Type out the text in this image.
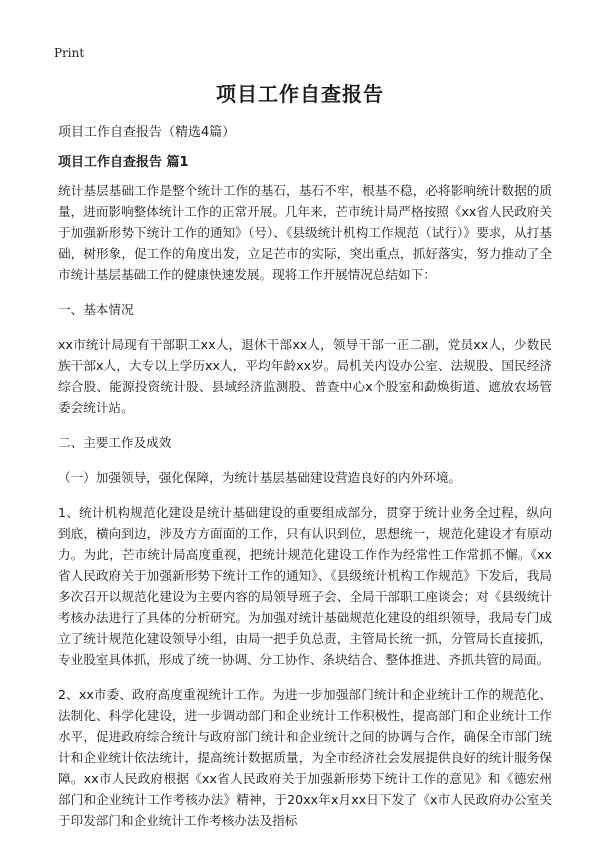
Print
项目工作自查报告

项目工作自查报告（精选4篇）

项目工作自查报告 篇1

统计基层基础工作是整个统计工作的基石，基石不牢，根基不稳，必将影响统计数据的质量，进而影响整体统计工作的正常开展。几年来，芒市统计局严格按照《xx省人民政府关于加强新形势下统计工作的通知》（号）、《县级统计机构工作规范（试行）》要求，从打基础，树形象，促工作的角度出发，立足芒市的实际，突出重点，抓好落实，努力推动了全市统计基层基础工作的健康快速发展。现将工作开展情况总结如下：

一、基本情况

xx市统计局现有干部职工xx人，退休干部xx人，领导干部一正二副，党员xx人，少数民族干部x人，大专以上学历xx人，平均年龄xx岁。局机关内设办公室、法规股、国民经济综合股、能源投资统计股、县域经济监测股、普查中心x个股室和勐焕街道、遮放农场管委会统计站。

二、主要工作及成效

（一）加强领导，强化保障，为统计基层基础建设营造良好的内外环境。

1、统计机构规范化建设是统计基础建设的重要组成部分，贯穿于统计业务全过程，纵向到底，横向到边，涉及方方面面的工作，只有认识到位，思想统一，规范化建设才有原动力。为此，芒市统计局高度重视，把统计规范化建设工作作为经常性工作常抓不懈。《xx省人民政府关于加强新形势下统计工作的通知》、《县级统计机构工作规范》下发后，我局多次召开以规范化建设为主要内容的局领导班子会、全局干部职工座谈会；对《县级统计考核办法进行了具体的分析研究。为加强对统计基础规范化建设的组织领导，我局专门成立了统计规范化建设领导小组，由局一把手负总责，主管局长统一抓，分管局长直接抓，专业股室具体抓，形成了统一协调、分工协作、条块结合、整体推进、齐抓共管的局面。

2、xx市委、政府高度重视统计工作。为进一步加强部门统计和企业统计工作的规范化、法制化、科学化建设，进一步调动部门和企业统计工作积极性，提高部门和企业统计工作水平，促进政府综合统计与政府部门统计和企业统计之间的协调与合作，确保全市部门统计和企业统计依法统计，提高统计数据质量，为全市经济社会发展提供良好的统计服务保障。xx市人民政府根据《xx省人民政府关于加强新形势下统计工作的意见》和《德宏州部门和企业统计工作考核办法》精神，于20xx年x月xx日下发了《x市人民政府办公室关于印发部门和企业统计工作考核办法及指标
